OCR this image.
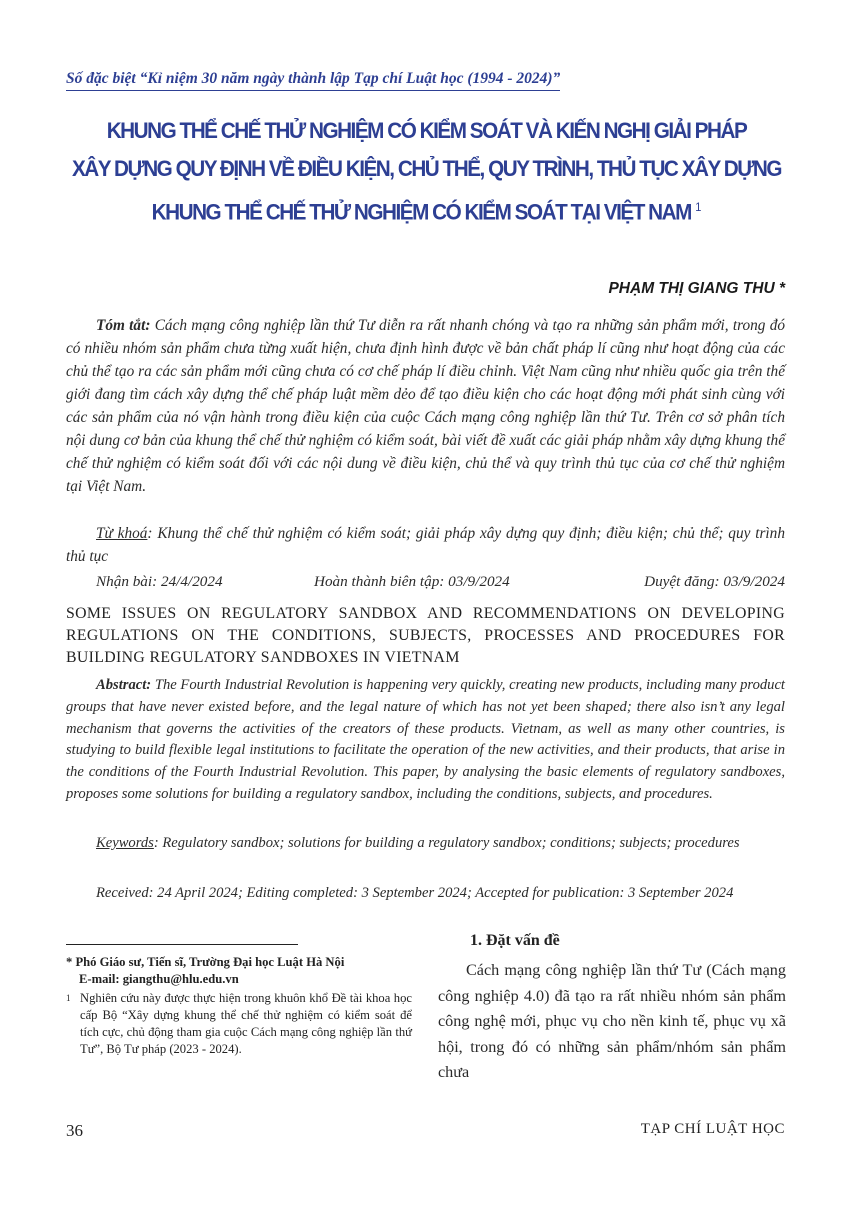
Số đặc biệt “Kỉ niệm 30 năm ngày thành lập Tạp chí Luật học (1994 - 2024)”
KHUNG THỂ CHẾ THỬ NGHIỆM CÓ KIỂM SOÁT VÀ KIẾN NGHỊ GIẢI PHÁP
XÂY DỰNG QUY ĐỊNH VỀ ĐIỀU KIỆN, CHỦ THỂ, QUY TRÌNH, THỦ TỤC XÂY DỰNG
KHUNG THỂ CHẾ THỬ NGHIỆM CÓ KIỂM SOÁT TẠI VIỆT NAM $^1$
PHẠM THỊ GIANG THU *
Tóm tắt: Cách mạng công nghiệp lần thứ Tư diễn ra rất nhanh chóng và tạo ra những sản phẩm mới, trong đó có nhiều nhóm sản phẩm chưa từng xuất hiện, chưa định hình được về bản chất pháp lí cũng như hoạt động của các chủ thể tạo ra các sản phẩm mới cũng chưa có cơ chế pháp lí điều chỉnh. Việt Nam cũng như nhiều quốc gia trên thế giới đang tìm cách xây dựng thể chế pháp luật mềm dẻo để tạo điều kiện cho các hoạt động mới phát sinh cùng với các sản phẩm của nó vận hành trong điều kiện của cuộc Cách mạng công nghiệp lần thứ Tư. Trên cơ sở phân tích nội dung cơ bản của khung thể chế thử nghiệm có kiểm soát, bài viết đề xuất các giải pháp nhằm xây dựng khung thể chế thử nghiệm có kiểm soát đối với các nội dung về điều kiện, chủ thể và quy trình thủ tục của cơ chế thử nghiệm tại Việt Nam.
Từ khoá: Khung thể chế thử nghiệm có kiểm soát; giải pháp xây dựng quy định; điều kiện; chủ thể; quy trình thủ tục
Nhận bài: 24/4/2024	Hoàn thành biên tập: 03/9/2024	Duyệt đăng: 03/9/2024
SOME ISSUES ON REGULATORY SANDBOX AND RECOMMENDATIONS ON DEVELOPING REGULATIONS ON THE CONDITIONS, SUBJECTS, PROCESSES AND PROCEDURES FOR BUILDING REGULATORY SANDBOXES IN VIETNAM
Abstract: The Fourth Industrial Revolution is happening very quickly, creating new products, including many product groups that have never existed before, and the legal nature of which has not yet been shaped; there also isn’t any legal mechanism that governs the activities of the creators of these products. Vietnam, as well as many other countries, is studying to build flexible legal institutions to facilitate the operation of the new activities, and their products, that arise in the conditions of the Fourth Industrial Revolution. This paper, by analysing the basic elements of regulatory sandboxes, proposes some solutions for building a regulatory sandbox, including the conditions, subjects, and procedures.
Keywords: Regulatory sandbox; solutions for building a regulatory sandbox; conditions; subjects; procedures
Received: 24 April 2024; Editing completed: 3 September 2024; Accepted for publication: 3 September 2024
* Phó Giáo sư, Tiến sĩ, Trường Đại học Luật Hà Nội
E-mail: giangthu@hlu.edu.vn
1 Nghiên cứu này được thực hiện trong khuôn khổ Đề tài khoa học cấp Bộ “Xây dựng khung thể chế thử nghiệm có kiểm soát để tích cực, chủ động tham gia cuộc Cách mạng công nghiệp lần thứ Tư”, Bộ Tư pháp (2023 - 2024).
1. Đặt vấn đề
Cách mạng công nghiệp lần thứ Tư (Cách mạng công nghiệp 4.0) đã tạo ra rất nhiều nhóm sản phẩm công nghệ mới, phục vụ cho nền kinh tế, phục vụ xã hội, trong đó có những sản phẩm/nhóm sản phẩm chưa
36	TẠP CHÍ LUẬT HỌC
